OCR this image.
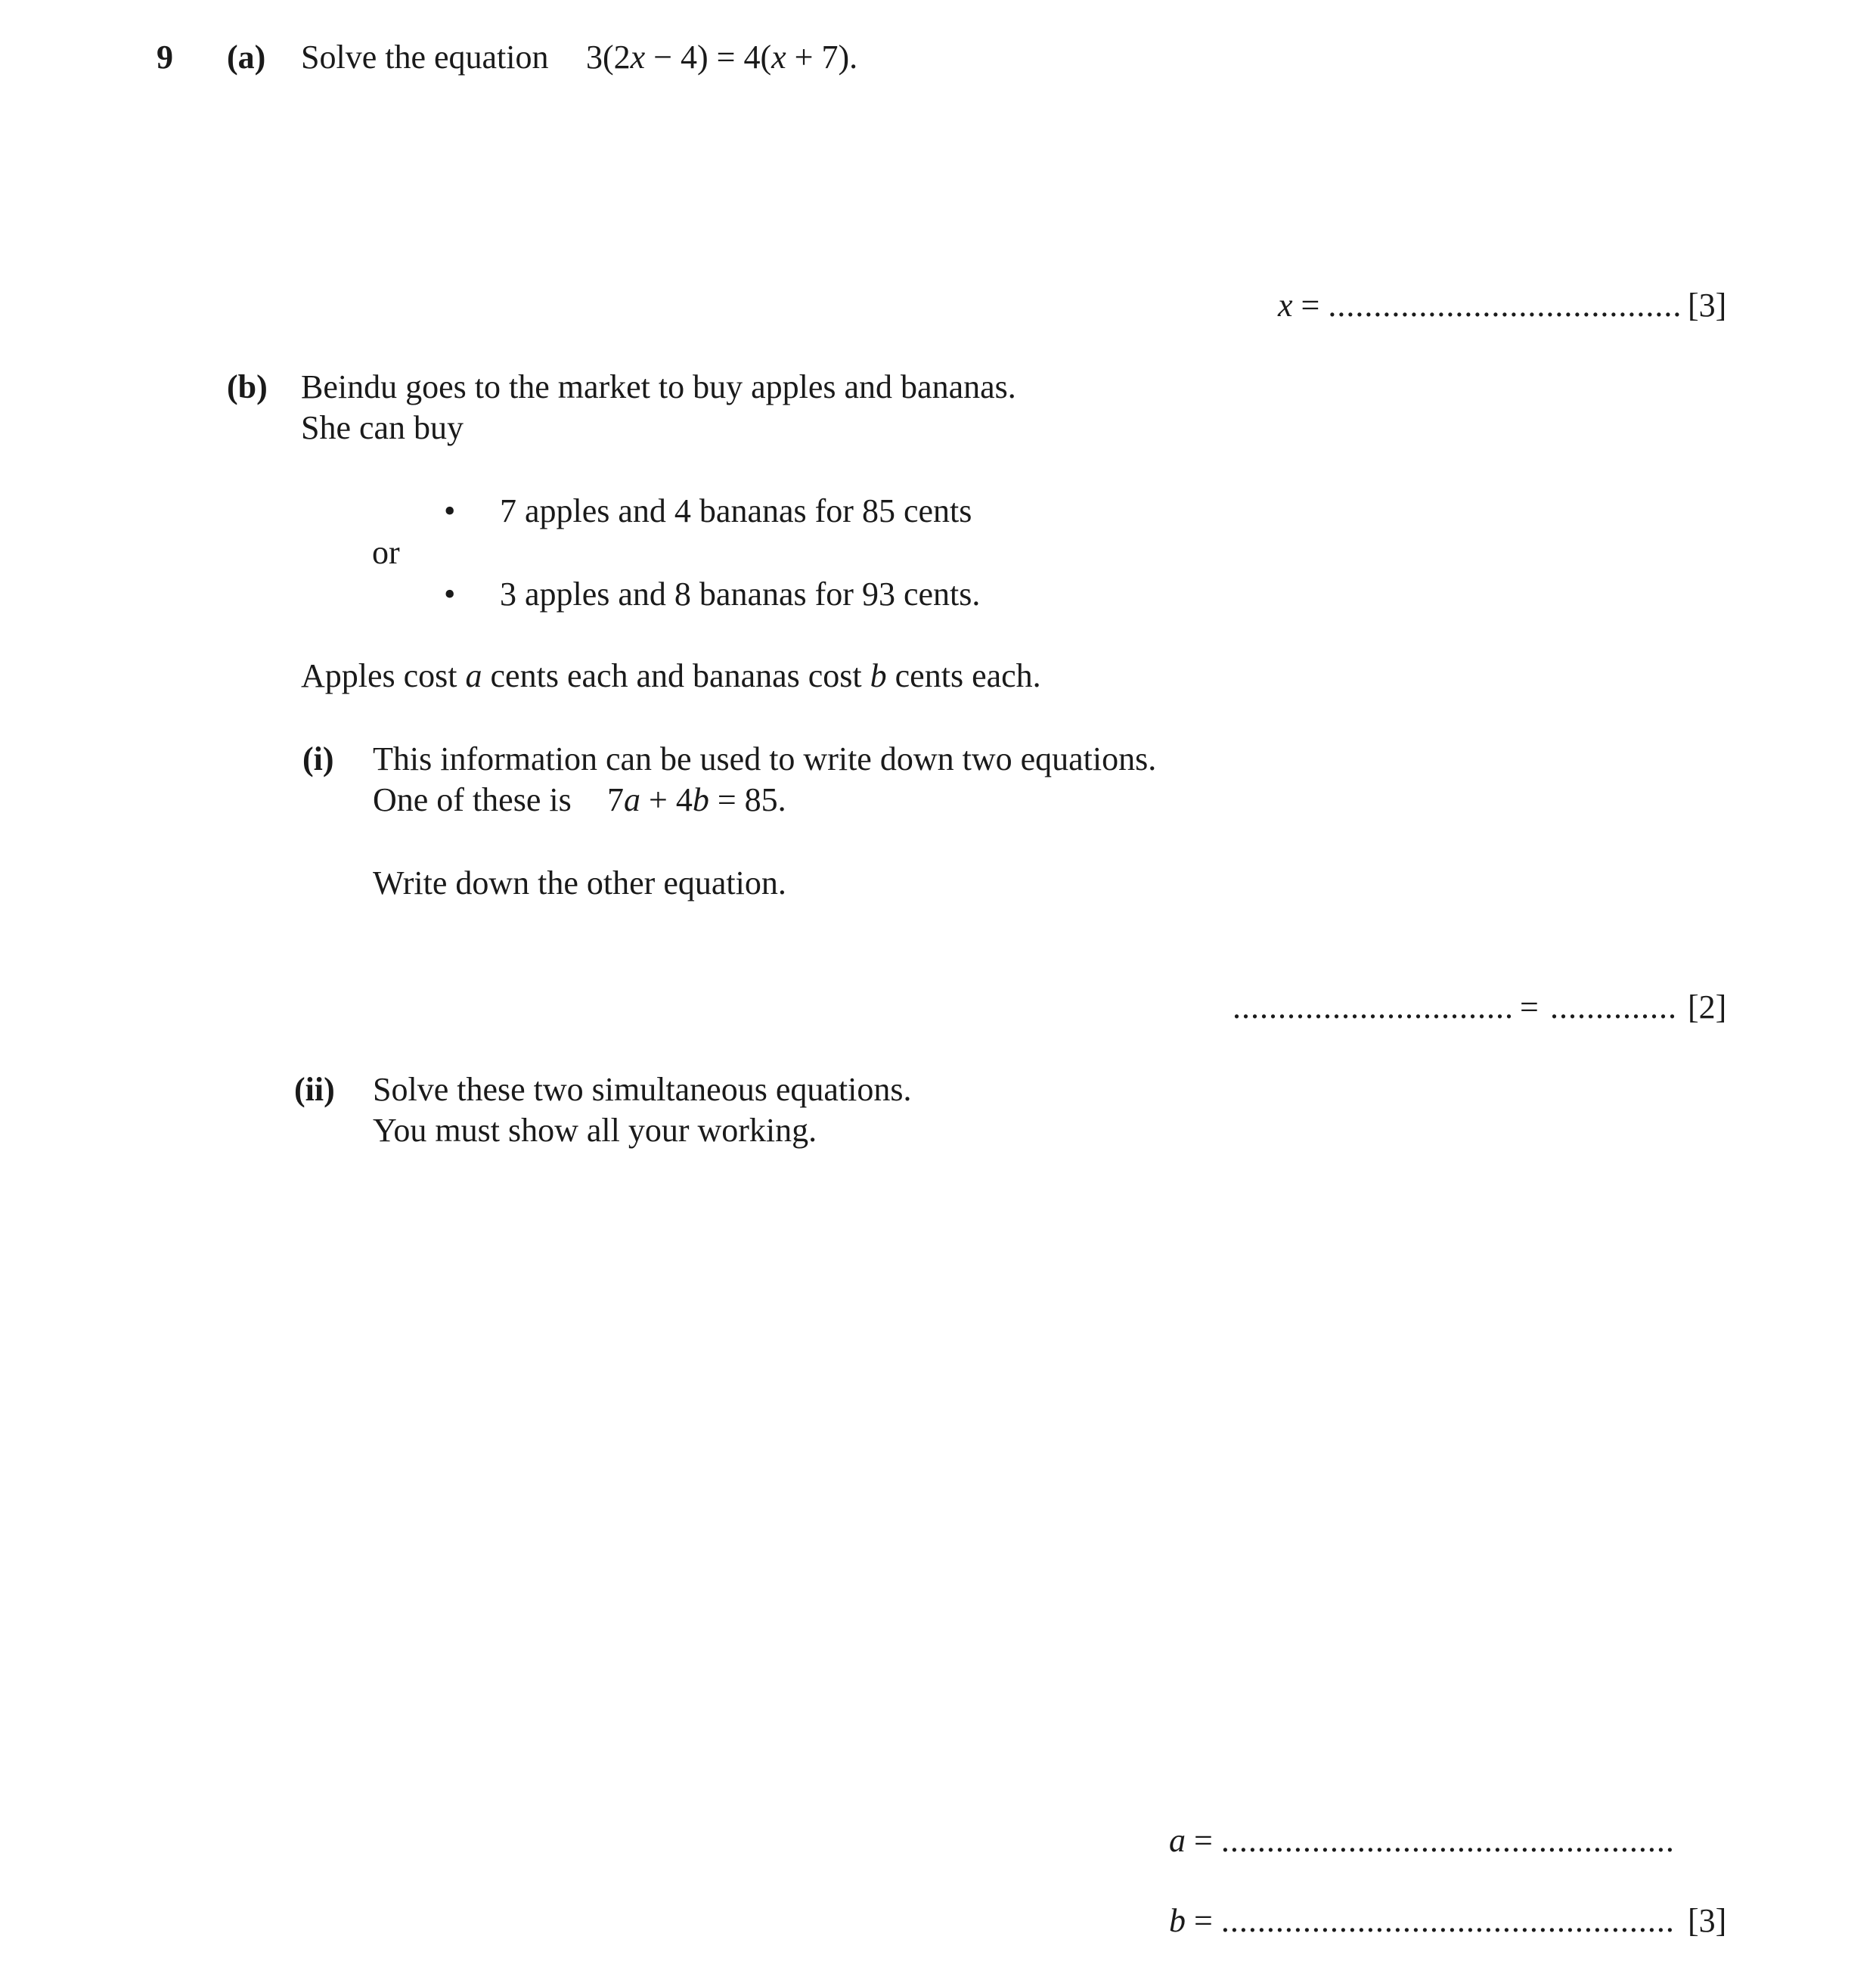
9 (a) Solve the equation 3(2x − 4) = 4(x + 7).
x = ....................................... [3]
(b) Beindu goes to the market to buy apples and bananas.
She can buy
• 7 apples and 4 bananas for 85 cents
or
• 3 apples and 8 bananas for 93 cents.
Apples cost a cents each and bananas cost b cents each.
(i) This information can be used to write down two equations.
One of these is 7a + 4b = 85.
Write down the other equation.
............................... = .............. [2]
(ii) Solve these two simultaneous equations.
You must show all your working.
a = ..................................................
b = .................................................. [3]
